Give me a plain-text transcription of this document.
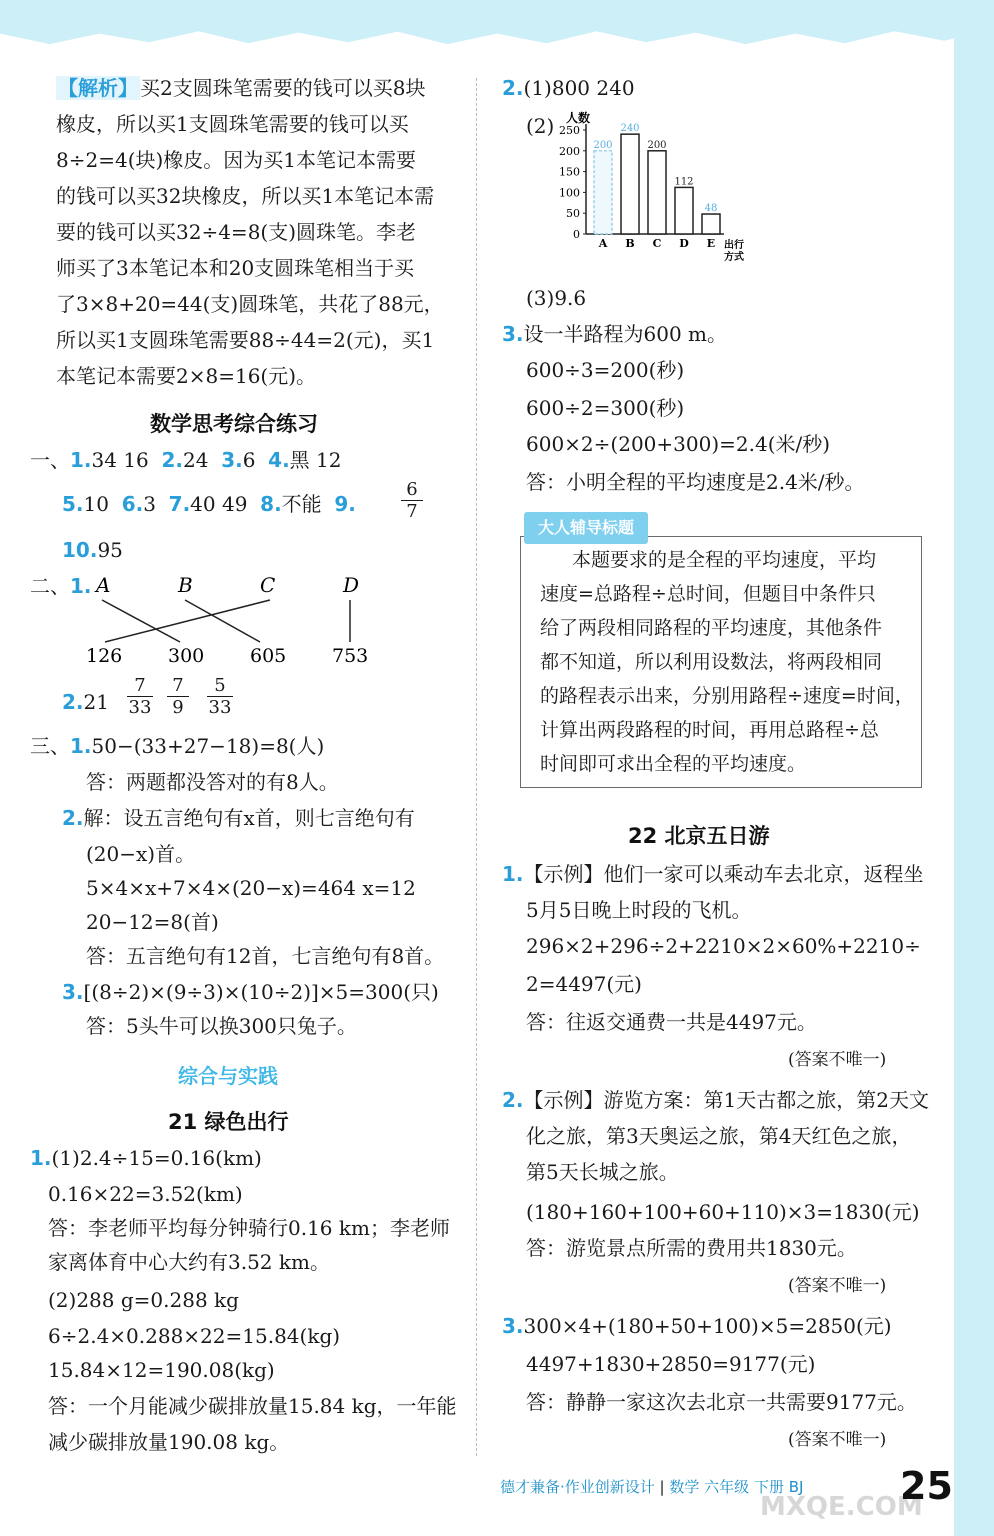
【解析】 买2支圆珠笔需要的钱可以买8块
橡皮，所以买1支圆珠笔需要的钱可以买
8÷2=4(块)橡皮。因为买1本笔记本需要
的钱可以买32块橡皮，所以买1本笔记本需
要的钱可以买32÷4=8(支)圆珠笔。李老
师买了3本笔记本和20支圆珠笔相当于买
了3×8+20=44(支)圆珠笔，共花了88元，
所以买1支圆珠笔需要88÷44=2(元)，买1
本笔记本需要2×8=16(元)。
数学思考综合练习
一、1.34 16 2.24 3.6 4.黑 12
5.10 6.3 7.40 49 8.不能 9.
6
7
10.95
二、1. A	B	C	D
126 300 605 753
2.21
7
33
7
9
5
33
三、1.50−(33+27−18)=8(人)
答：两题都没答对的有8人。
2.解：设五言绝句有x首，则七言绝句有
(20−x)首。
5×4×x+7×4×(20−x)=464 x=12
20−12=8(首)
答：五言绝句有12首，七言绝句有8首。
3.[(8÷2)×(9÷3)×(10÷2)]×5=300(只)
答：5头牛可以换300只兔子。
综合与实践
21 绿色出行
1.(1)2.4÷15=0.16(km)
0.16×22=3.52(km)
答：李老师平均每分钟骑行0.16 km；李老师
家离体育中心大约有3.52 km。
(2)288 g=0.288 kg
6÷2.4×0.288×22=15.84(kg)
15.84×12=190.08(kg)
答：一个月能减少碳排放量15.84 kg，一年能
减少碳排放量190.08 kg。
2.(1)800 240
(2) 人数
出行
方式
0
50
100
150
200
250
200
A
240
B
200
C
112
D
48
E
(3)9.6
3.设一半路程为600 m。
600÷3=200(秒)
600÷2=300(秒)
600×2÷(200+300)=2.4(米/秒)
答：小明全程的平均速度是2.4米/秒。
大人辅导标题
本题要求的是全程的平均速度，平均
速度=总路程÷总时间，但题目中条件只
给了两段相同路程的平均速度，其他条件
都不知道，所以利用设数法，将两段相同
的路程表示出来，分别用路程÷速度=时间，
计算出两段路程的时间，再用总路程÷总
时间即可求出全程的平均速度。
22 北京五日游
1.【示例】他们一家可以乘动车去北京，返程坐
5月5日晚上时段的飞机。
296×2+296÷2+2210×2×60%+2210÷
2=4497(元)
答：往返交通费一共是4497元。
(答案不唯一)
2.【示例】游览方案：第1天古都之旅，第2天文
化之旅，第3天奥运之旅，第4天红色之旅，
第5天长城之旅。
(180+160+100+60+110)×3=1830(元)
答：游览景点所需的费用共1830元。
(答案不唯一)
3.300×4+(180+50+100)×5=2850(元)
4497+1830+2850=9177(元)
答：静静一家这次去北京一共需要9177元。
(答案不唯一)
MXQE.COM
德才兼备·作业创新设计 | 数学 六年级 下册 BJ	25
